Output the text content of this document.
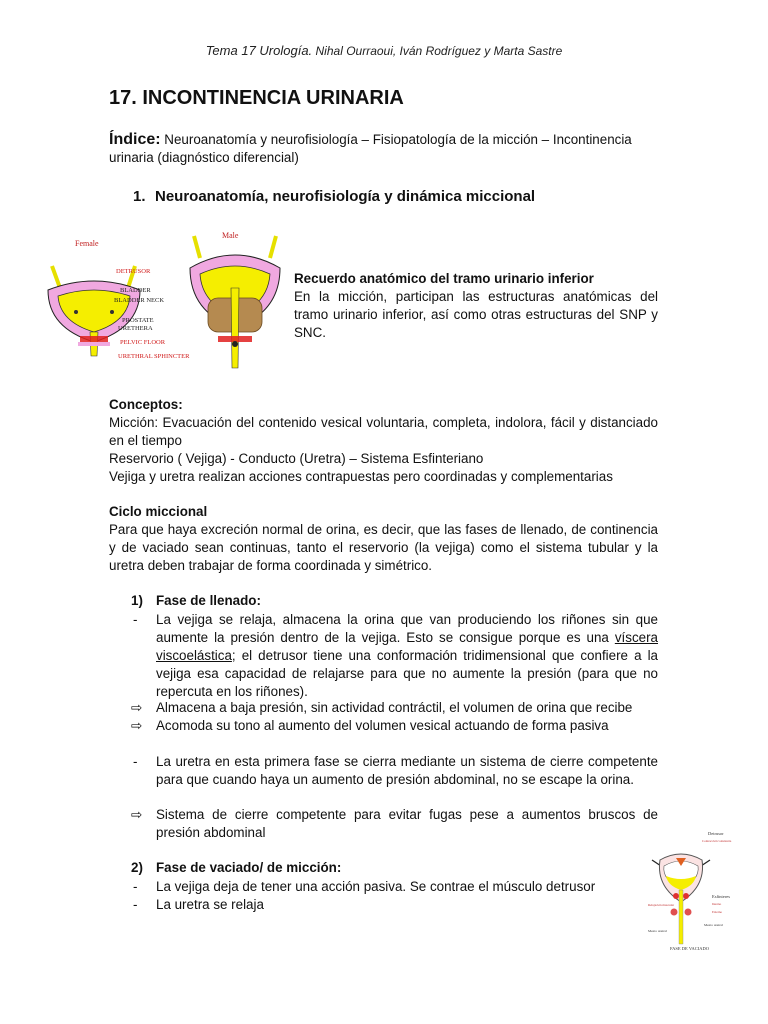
Tema 17 Urología. Nihal Ourraoui, Iván Rodríguez y Marta Sastre
17. INCONTINENCIA URINARIA
Índice: Neuroanatomía y neurofisiología – Fisiopatología de la micción – Incontinencia urinaria (diagnóstico diferencial)
1. Neuroanatomía, neurofisiología y dinámica miccional
Female
Male
DETRUSOR
BLADDER
BLADDER NECK
PROSTATE
URETHERA
PELVIC FLOOR
URETHRAL SPHINCTER
Recuerdo anatómico del tramo urinario inferior
En la micción, participan las estructuras anatómicas del tramo urinario inferior, así como otras estructuras del SNP y SNC.
Conceptos:
Micción: Evacuación del contenido vesical voluntaria, completa, indolora, fácil y distanciado en el tiempo
Reservorio ( Vejiga) - Conducto (Uretra) – Sistema Esfinteriano
Vejiga y uretra realizan acciones contrapuestas pero coordinadas y complementarias
Ciclo miccional
Para que haya excreción normal de orina, es decir, que las fases de llenado, de continencia y de vaciado sean continuas, tanto el reservorio (la vejiga) como el sistema tubular y la uretra deben trabajar de forma coordinada y simétrico.
1) Fase de llenado:
-	La vejiga se relaja, almacena la orina que van produciendo los riñones sin que aumente la presión dentro de la vejiga. Esto se consigue porque es una víscera viscoelástica; el detrusor tiene una conformación tridimensional que confiere a la vejiga esa capacidad de relajarse para que no aumente la presión (para que no repercuta en los riñones).
⇨	Almacena a baja presión, sin actividad contráctil, el volumen de orina que recibe
⇨	Acomoda su tono al aumento del volumen vesical actuando de forma pasiva
-	La uretra en esta primera fase se cierra mediante un sistema de cierre competente para que cuando haya un aumento de presión abdominal, no se escape la orina.
⇨	Sistema de cierre competente para evitar fugas pese a aumentos bruscos de presión abdominal
2) Fase de vaciado/ de micción:
-	La vejiga deja de tener una acción pasiva. Se contrae el músculo detrusor
-	La uretra se relaja
Detrusor
Contracción voluntaria
Esfínteres
Interno
Externo
Relajación muscular
Meato uretral
Meato uretral
FASE DE VACIADO
